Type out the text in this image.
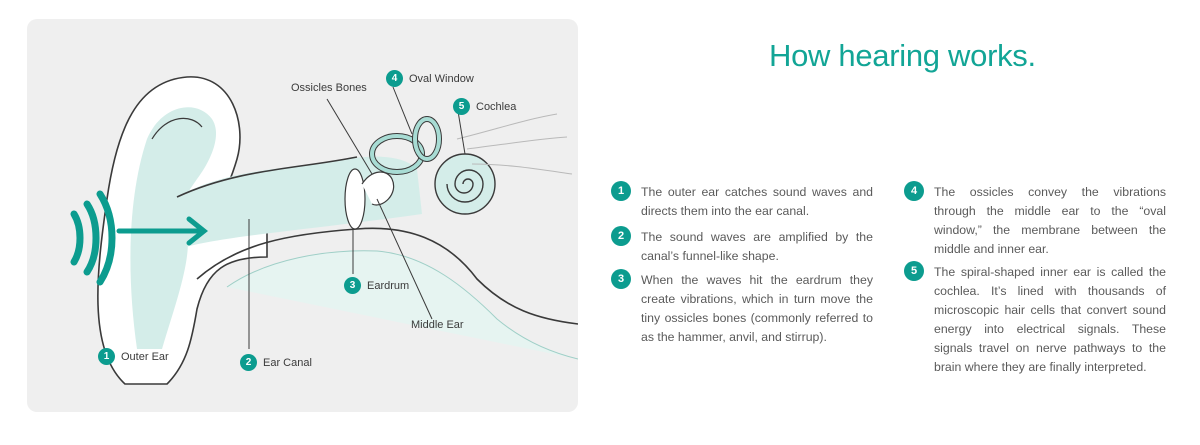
1	Outer Ear	2	Ear Canal
3	Eardrum
4	Oval Window
5	Cochlea
Ossicles Bones
Middle Ear
How hearing works.
1	The outer ear catches sound waves and directs them into the ear canal.

2	The sound waves are amplified by the canal’s funnel-like shape.

3	When the waves hit the eardrum they create vibrations, which in turn move the tiny ossicles bones (commonly referred to as the hammer, anvil, and stirrup).

4	The ossicles convey the vibrations through the middle ear to the “oval window,” the membrane between the middle and inner ear.

5	The spiral-shaped inner ear is called the cochlea. It’s lined with thousands of microscopic hair cells that convert sound energy into electrical signals. These signals travel on nerve pathways to the brain where they are finally interpreted.
